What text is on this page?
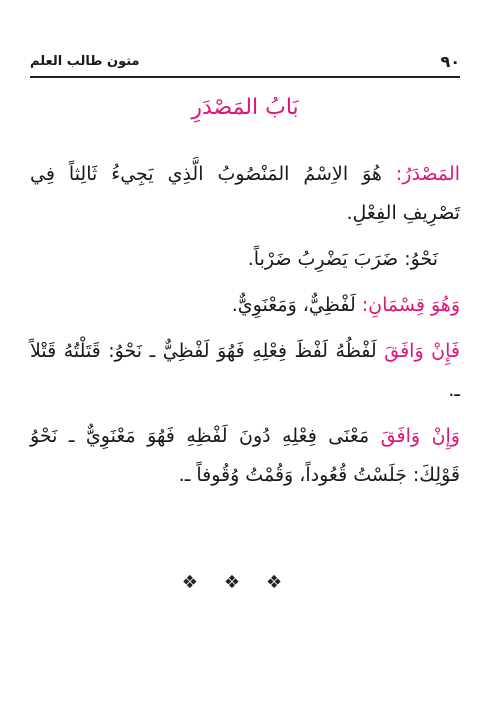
٩٠
متون طالب العلم
بَابُ المَصْدَرِ

المَصْدَرُ: هُوَ الاِسْمُ المَنْصُوبُ الَّذِي يَجِيءُ ثَالِثاً فِي تَصْرِيفِ الفِعْلِ.

نَحْوُ: ضَرَبَ يَضْرِبُ ضَرْباً.

وَهُوَ قِسْمَانِ: لَفْظِيٌّ، وَمَعْنَوِيٌّ.

فَإِنْ وَافَقَ لَفْظُهُ لَفْظَ فِعْلِهِ فَهُوَ لَفْظِيٌّ ـ نَحْوُ: قَتَلْتُهُ قَتْلاً ـ.

وَإِنْ وَافَقَ مَعْنَى فِعْلِهِ دُونَ لَفْظِهِ فَهُوَ مَعْنَوِيٌّ ـ نَحْوُ قَوْلِكَ: جَلَسْتُ قُعُوداً، وَقُمْتُ وُقُوفاً ـ.

❖❖❖
